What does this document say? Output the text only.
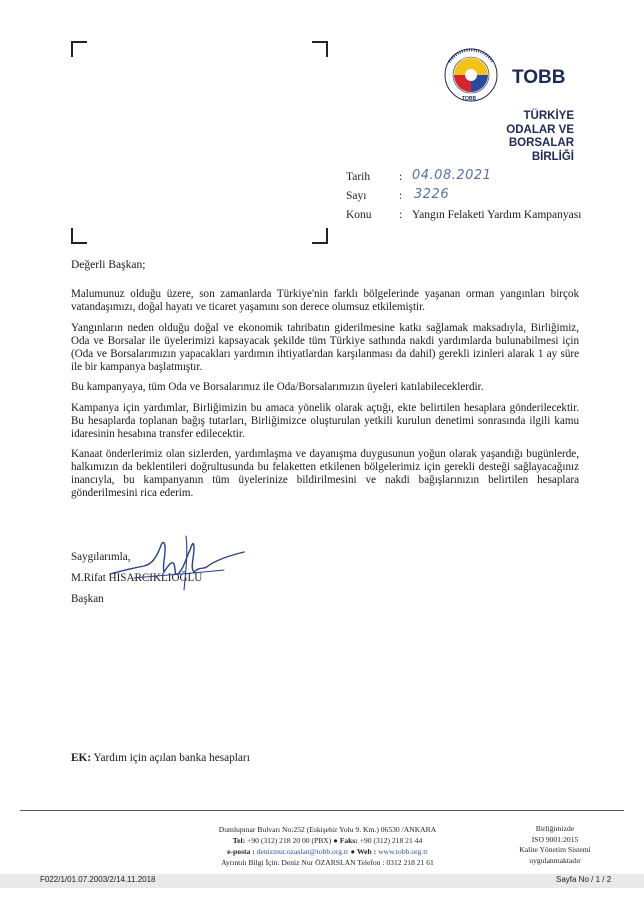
TOBB
TOBB
TÜRKİYE
ODALAR VE BORSALAR
BİRLİĞİ
Tarih	: 04.08.2021
Sayı	: 3226
Konu : Yangın Felaketi Yardım Kampanyası
Değerli Başkan;

Malumunuz olduğu üzere, son zamanlarda Türkiye'nin farklı bölgelerinde yaşanan orman yangınları birçok vatandaşımızı, doğal hayatı ve ticaret yaşamını son derece olumsuz etkilemiştir.

Yangınların neden olduğu doğal ve ekonomik tahribatın giderilmesine katkı sağlamak maksadıyla, Birliğimiz, Oda ve Borsalar ile üyelerimizi kapsayacak şekilde tüm Türkiye sathında nakdi yardımlarda bulunabilmesi için (Oda ve Borsalarımızın yapacakları yardımın ihtiyatlardan karşılanması da dahil) gerekli izinleri alarak 1 ay süre ile bir kampanya başlatmıştır.

Bu kampanyaya, tüm Oda ve Borsalarımız ile Oda/Borsalarımızın üyeleri katılabileceklerdir.

Kampanya için yardımlar, Birliğimizin bu amaca yönelik olarak açtığı, ekte belirtilen hesaplara gönderilecektir. Bu hesaplarda toplanan bağış tutarları, Birliğimizce oluşturulan yetkili kurulun denetimi sonrasında ilgili kamu idaresinin hesabına transfer edilecektir.

Kanaat önderlerimiz olan sizlerden, yardımlaşma ve dayanışma duygusunun yoğun olarak yaşandığı bugünlerde, halkımızın da beklentileri doğrultusunda bu felaketten etkilenen bölgelerimiz için gerekli desteği sağlayacağınız inancıyla, bu kampanyanın tüm üyelerinize bildirilmesini ve nakdi bağışlarınızın belirtilen hesaplara gönderilmesini rica ederim.

Saygılarımla,
M.Rifat HİSARCIKLIOĞLU
Başkan
EK: Yardım için açılan banka hesapları
Dumlupınar Bulvarı No:252 (Eskişehir Yolu 9. Km.) 06530 /ANKARA
Tel: +90 (312) 218 20 00 (PBX) ● Faks: +90 (312) 218 21 44
e-posta : denizmur.ozaslan@tobb.org.tr ● Web : www.tobb.org.tr
Ayrıntılı Bilgi İçin: Deniz Nur ÖZARSLAN Telefon : 0312 218 21 61
Birliğimizde
ISO 9001:2015
Kalite Yönetim Sistemi
uygulanmaktadır
F022/1/01.07.2003/2/14.11.2018	Sayfa No / 1 / 2
